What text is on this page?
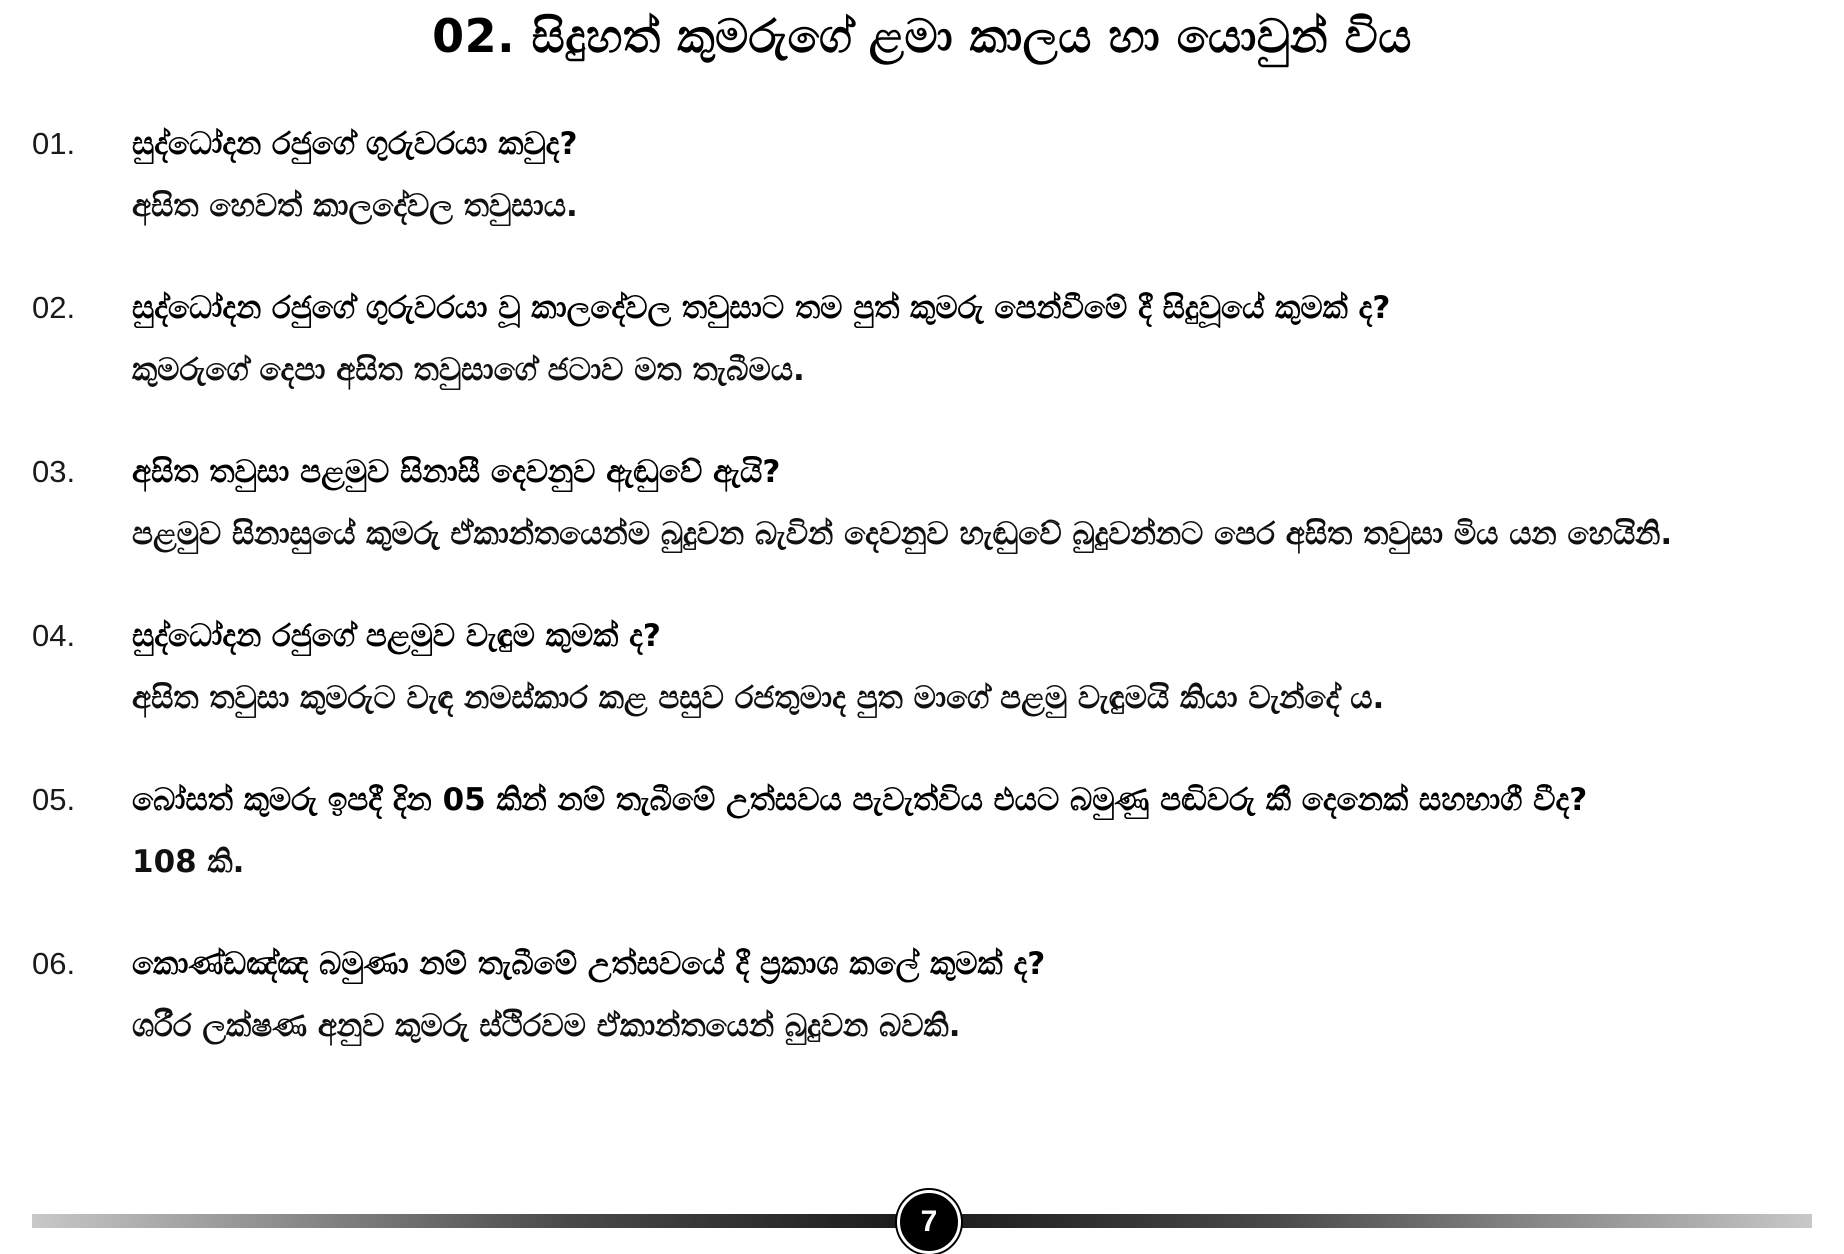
02. සිදුහත් කුමරුගේ ළමා කාලය හා යොවුන් විය
01. සුද්ධෝදන රජුගේ ගුරුවරයා කවුද?
අසිත හෙවත් කාලදේවල තවුසාය.
02. සුද්ධෝදන රජුගේ ගුරුවරයා වූ කාලදේවල තවුසාට තම පුත් කුමරු පෙන්වීමේ දී සිදුවූයේ කුමක් ද?
කුමරුගේ දෙපා අසිත තවුසාගේ ජටාව මත තැබීමය.
03. අසිත තවුසා පළමුව සිනාසී දෙවනුව ඇඬුවේ ඇයි?
පළමුව සිනාසුයේ කුමරු ඒකාන්තයෙන්ම බුදුවන බැවින් දෙවනුව හැඬුවේ බුදුවන්නට පෙර අසිත තවුසා මිය යන හෙයිනි.
04. සුද්ධෝදන රජුගේ පළමුව වැඳුම කුමක් ද?
අසිත තවුසා කුමරුට වැඳ නමස්කාර කළ පසුව රජතුමාද පුත මාගේ පළමු වැඳුමයි කියා වැන්දේ ය.
05. බෝසත් කුමරු ඉපදී දින 05 කින් නම් තැබීමේ උත්සවය පැවැත්විය එයට බමුණු පඬිවරු කී දෙනෙක් සහභාගී වීද?
108 කි.
06. කොණ්ඩඤ්ඤ බමුණා නම් තැබීමේ උත්සවයේ දී ප්‍රකාශ කලේ කුමක් ද?
ශරීර ලක්ෂණ අනුව කුමරු ස්ථිරවම ඒකාන්තයෙන් බුදුවන බවකි.
7
